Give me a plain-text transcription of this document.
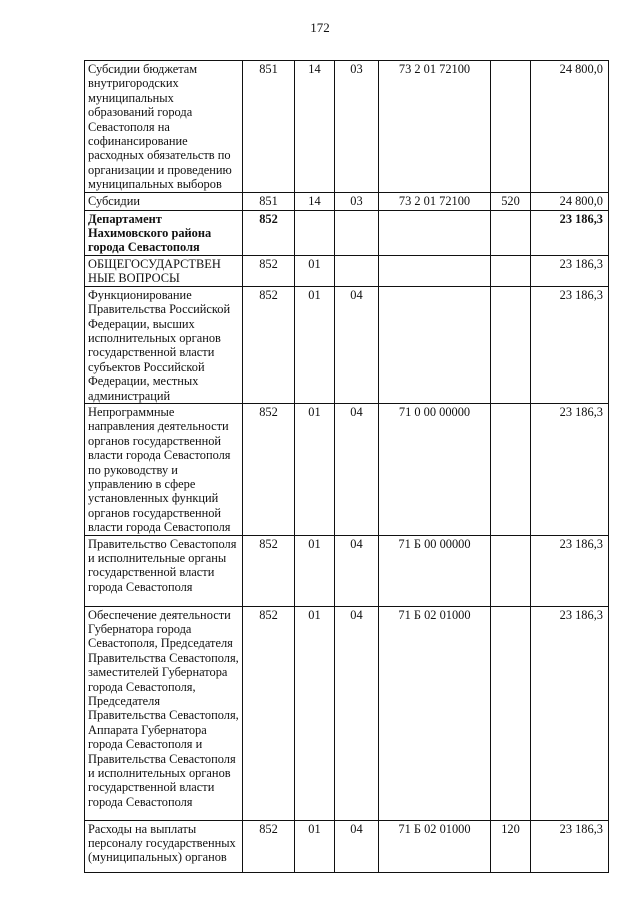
172
Субсидии бюджетам внутригородских муниципальных образований города Севастополя на софинансирование расходных обязательств по организации и проведению муниципальных выборов	851	14	03	73 2 01 72100		24 800,0
Субсидии	851	14	03	73 2 01 72100	520	24 800,0
Департамент Нахимовского района города Севастополя	852					23 186,3
ОБЩЕГОСУДАРСТВЕН НЫЕ ВОПРОСЫ	852	01				23 186,3
Функционирование Правительства Российской Федерации, высших исполнительных органов государственной власти субъектов Российской Федерации, местных администраций	852	01	04			23 186,3
Непрограммные направления деятельности органов государственной власти города Севастополя по руководству и управлению в сфере установленных функций органов государственной власти города Севастополя	852	01	04	71 0 00 00000		23 186,3
Правительство Севастополя и исполнительные органы государственной власти города Севастополя	852	01	04	71 Б 00 00000		23 186,3
Обеспечение деятельности Губернатора города Севастополя, Председателя Правительства Севастополя, заместителей Губернатора города Севастополя, Председателя Правительства Севастополя, Аппарата Губернатора города Севастополя и Правительства Севастополя и исполнительных органов государственной власти города Севастополя	852	01	04	71 Б 02 01000		23 186,3
Расходы на выплаты персоналу государственных (муниципальных) органов	852	01	04	71 Б 02 01000	120	23 186,3
